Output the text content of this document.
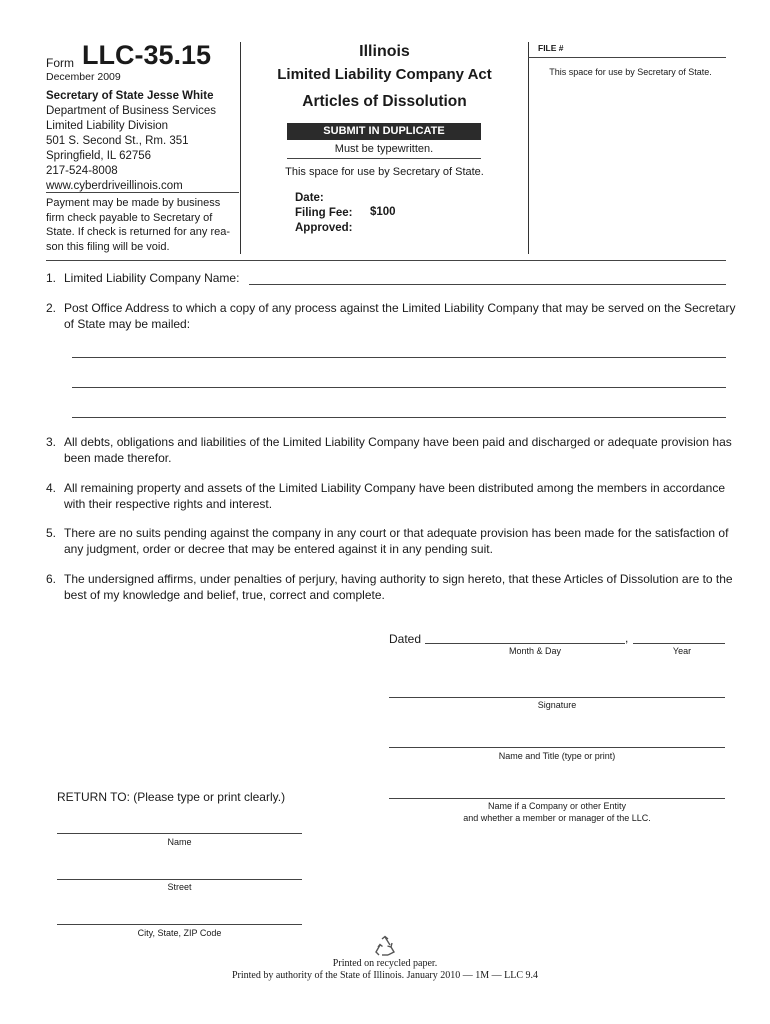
Form LLC-35.15
December 2009
Secretary of State Jesse White
Department of Business Services
Limited Liability Division
501 S. Second St., Rm. 351
Springfield, IL 62756
217-524-8008
www.cyberdriveillinois.com
Payment may be made by business
firm check payable to Secretary of
State. If check is returned for any rea-
son this filing will be void.
Illinois
Limited Liability Company Act
Articles of Dissolution
SUBMIT IN DUPLICATE
Must be typewritten.
This space for use by Secretary of State.
Date:
Filing Fee:
Approved:
$100
FILE #
This space for use by Secretary of State.
1. Limited Liability Company Name:
2. Post Office Address to which a copy of any process against the Limited Liability Company that may be served on the Secretary of State may be mailed:
3. All debts, obligations and liabilities of the Limited Liability Company have been paid and discharged or adequate provision has been made therefor.
4. All remaining property and assets of the Limited Liability Company have been distributed among the members in accordance with their respective rights and interest.
5. There are no suits pending against the company in any court or that adequate provision has been made for the satisfaction of any judgment, order or decree that may be entered against it in any pending suit.
6. The undersigned affirms, under penalties of perjury, having authority to sign hereto, that these Articles of Dissolution are to the best of my knowledge and belief, true, correct and complete.
Dated	,
Month & Day	Year
Signature
Name and Title (type or print)
Name if a Company or other Entity
and whether a member or manager of the LLC.
RETURN TO: (Please type or print clearly.)
Name
Street
City, State, ZIP Code
Printed on recycled paper.
Printed by authority of the State of Illinois. January 2010 — 1M — LLC 9.4
